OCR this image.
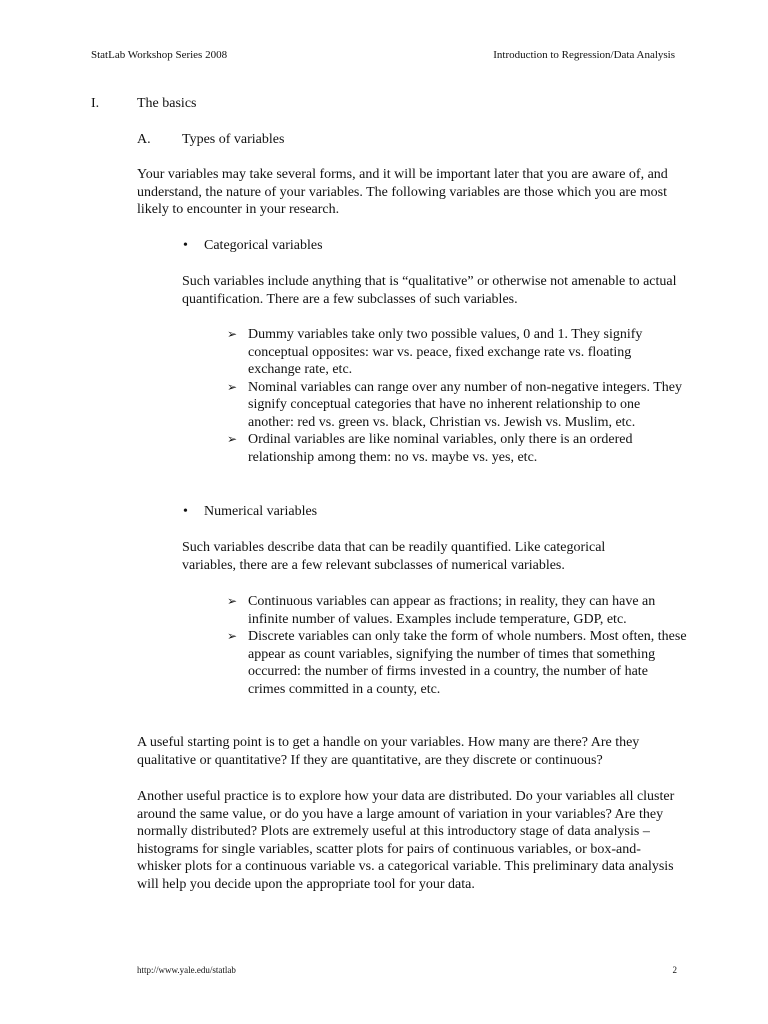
StatLab Workshop Series 2008	Introduction to Regression/Data Analysis
I.	The basics
A. Types of variables
Your variables may take several forms, and it will be important later that you are aware of, and understand, the nature of your variables. The following variables are those which you are most likely to encounter in your research.
• Categorical variables
Such variables include anything that is “qualitative” or otherwise not amenable to actual quantification. There are a few subclasses of such variables.
➢ Dummy variables take only two possible values, 0 and 1. They signify conceptual opposites: war vs. peace, fixed exchange rate vs. floating exchange rate, etc.
➢ Nominal variables can range over any number of non-negative integers. They signify conceptual categories that have no inherent relationship to one another: red vs. green vs. black, Christian vs. Jewish vs. Muslim, etc.
➢ Ordinal variables are like nominal variables, only there is an ordered relationship among them: no vs. maybe vs. yes, etc.
• Numerical variables
Such variables describe data that can be readily quantified. Like categorical variables, there are a few relevant subclasses of numerical variables.
➢ Continuous variables can appear as fractions; in reality, they can have an infinite number of values. Examples include temperature, GDP, etc.
➢ Discrete variables can only take the form of whole numbers. Most often, these appear as count variables, signifying the number of times that something occurred: the number of firms invested in a country, the number of hate crimes committed in a county, etc.
A useful starting point is to get a handle on your variables. How many are there? Are they qualitative or quantitative? If they are quantitative, are they discrete or continuous?
Another useful practice is to explore how your data are distributed. Do your variables all cluster around the same value, or do you have a large amount of variation in your variables? Are they normally distributed? Plots are extremely useful at this introductory stage of data analysis – histograms for single variables, scatter plots for pairs of continuous variables, or box-and-whisker plots for a continuous variable vs. a categorical variable. This preliminary data analysis will help you decide upon the appropriate tool for your data.
http://www.yale.edu/statlab	2
